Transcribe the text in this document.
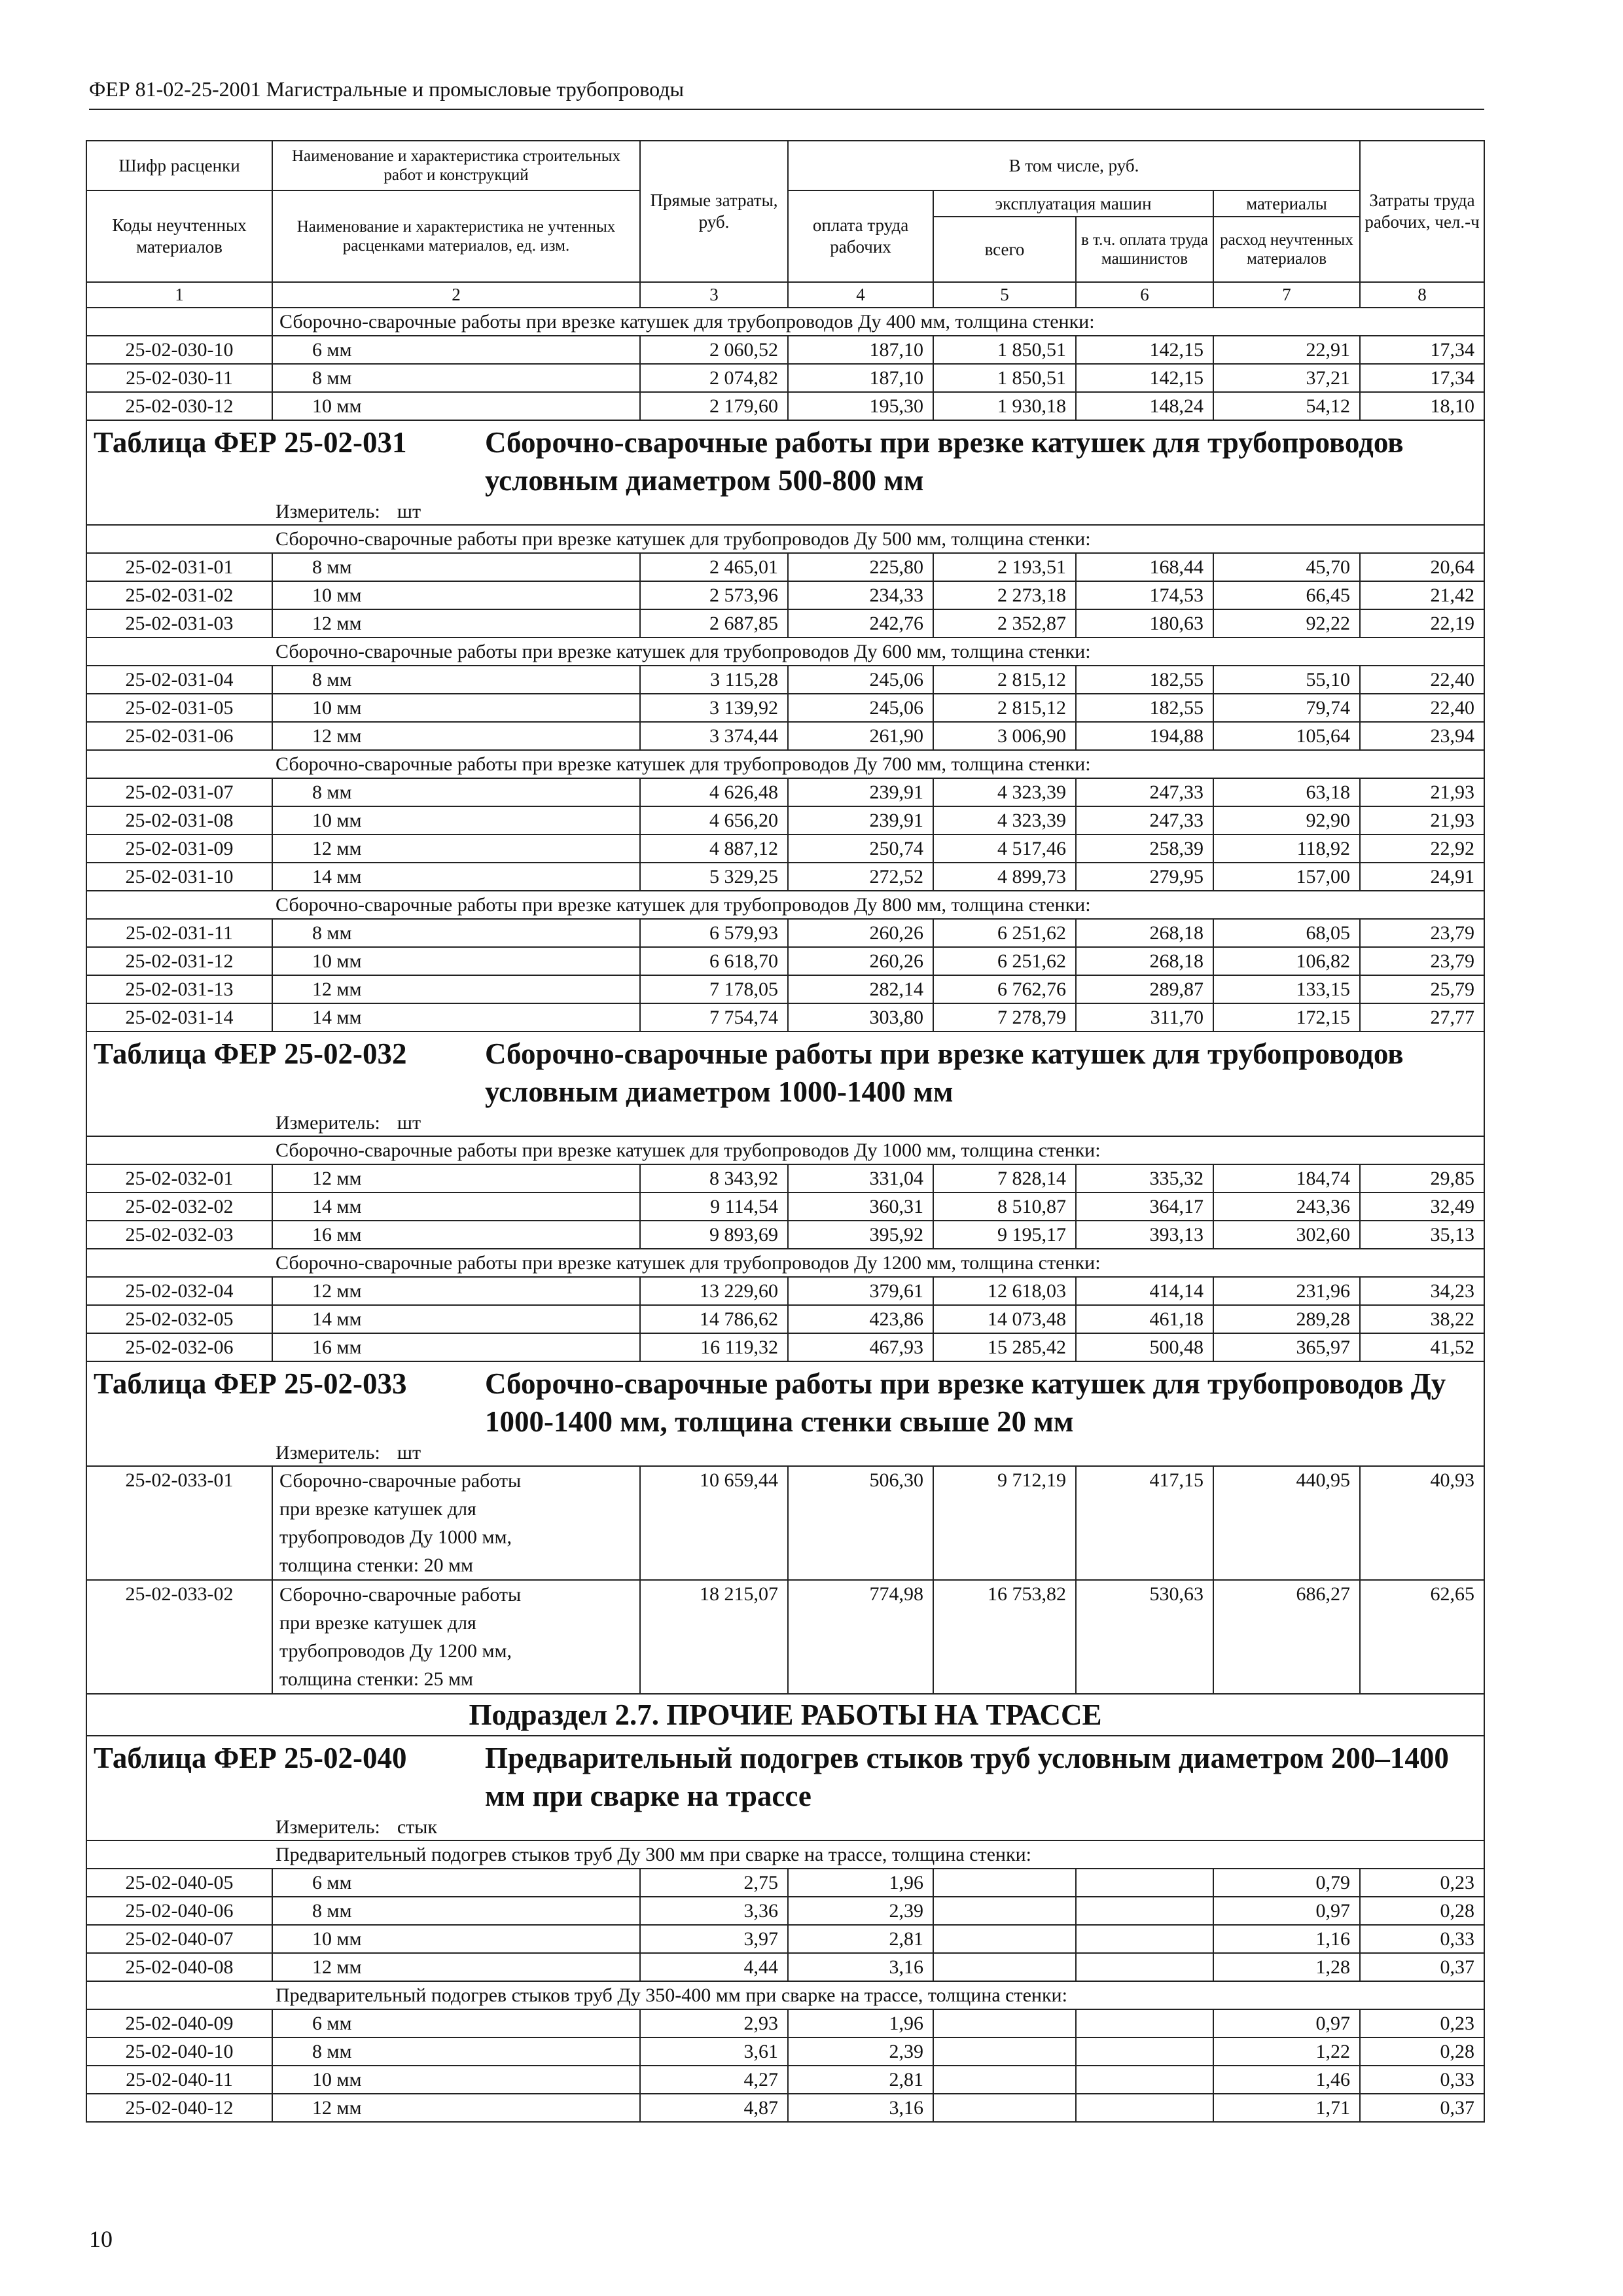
ФЕР 81-02-25-2001 Магистральные и промысловые трубопроводы
Шифр расценки	Наименование и характеристика строительных работ и конструкций	Прямые затраты, руб.	В том числе, руб.				Затраты труда рабочих, чел.-ч
Коды неучтенных материалов	Наименование и характеристика не учтенных расценками материалов, ед. изм.		оплата труда рабочих	эксплуатация машин		материалы	
				всего	в т.ч. оплата труда машинистов	расход неучтенных материалов	
1	2	3	4	5	6	7	8
	Сборочно-сварочные работы при врезке катушек для трубопроводов Ду 400 мм, толщина стенки:						
25-02-030-10	6 мм	2 060,52	187,10	1 850,51	142,15	22,91	17,34
25-02-030-11	8 мм	2 074,82	187,10	1 850,51	142,15	37,21	17,34
25-02-030-12	10 мм	2 179,60	195,30	1 930,18	148,24	54,12	18,10
Таблица ФЕР 25-02-031 Сборочно-сварочные работы при врезке катушек для трубопроводов условным диаметром 500-800 мм							
Измеритель: шт							
Сборочно-сварочные работы при врезке катушек для трубопроводов Ду 500 мм, толщина стенки:							
25-02-031-01	8 мм	2 465,01	225,80	2 193,51	168,44	45,70	20,64
25-02-031-02	10 мм	2 573,96	234,33	2 273,18	174,53	66,45	21,42
25-02-031-03	12 мм	2 687,85	242,76	2 352,87	180,63	92,22	22,19
Сборочно-сварочные работы при врезке катушек для трубопроводов Ду 600 мм, толщина стенки:							
25-02-031-04	8 мм	3 115,28	245,06	2 815,12	182,55	55,10	22,40
25-02-031-05	10 мм	3 139,92	245,06	2 815,12	182,55	79,74	22,40
25-02-031-06	12 мм	3 374,44	261,90	3 006,90	194,88	105,64	23,94
Сборочно-сварочные работы при врезке катушек для трубопроводов Ду 700 мм, толщина стенки:							
25-02-031-07	8 мм	4 626,48	239,91	4 323,39	247,33	63,18	21,93
25-02-031-08	10 мм	4 656,20	239,91	4 323,39	247,33	92,90	21,93
25-02-031-09	12 мм	4 887,12	250,74	4 517,46	258,39	118,92	22,92
25-02-031-10	14 мм	5 329,25	272,52	4 899,73	279,95	157,00	24,91
Сборочно-сварочные работы при врезке катушек для трубопроводов Ду 800 мм, толщина стенки:							
25-02-031-11	8 мм	6 579,93	260,26	6 251,62	268,18	68,05	23,79
25-02-031-12	10 мм	6 618,70	260,26	6 251,62	268,18	106,82	23,79
25-02-031-13	12 мм	7 178,05	282,14	6 762,76	289,87	133,15	25,79
25-02-031-14	14 мм	7 754,74	303,80	7 278,79	311,70	172,15	27,77
Таблица ФЕР 25-02-032 Сборочно-сварочные работы при врезке катушек для трубопроводов условным диаметром 1000-1400 мм							
Измеритель: шт							
Сборочно-сварочные работы при врезке катушек для трубопроводов Ду 1000 мм, толщина стенки:							
25-02-032-01	12 мм	8 343,92	331,04	7 828,14	335,32	184,74	29,85
25-02-032-02	14 мм	9 114,54	360,31	8 510,87	364,17	243,36	32,49
25-02-032-03	16 мм	9 893,69	395,92	9 195,17	393,13	302,60	35,13
Сборочно-сварочные работы при врезке катушек для трубопроводов Ду 1200 мм, толщина стенки:							
25-02-032-04	12 мм	13 229,60	379,61	12 618,03	414,14	231,96	34,23
25-02-032-05	14 мм	14 786,62	423,86	14 073,48	461,18	289,28	38,22
25-02-032-06	16 мм	16 119,32	467,93	15 285,42	500,48	365,97	41,52
Таблица ФЕР 25-02-033 Сборочно-сварочные работы при врезке катушек для трубопроводов Ду 1000-1400 мм, толщина стенки свыше 20 мм							
Измеритель: шт							
25-02-033-01	Сборочно-сварочные работы
при врезке катушек для
трубопроводов Ду 1000 мм,
толщина стенки: 20 мм	10 659,44	506,30	9 712,19	417,15	440,95	40,93
25-02-033-02	Сборочно-сварочные работы
при врезке катушек для
трубопроводов Ду 1200 мм,
толщина стенки: 25 мм	18 215,07	774,98	16 753,82	530,63	686,27	62,65
Подраздел 2.7. ПРОЧИЕ РАБОТЫ НА ТРАССЕ							
Таблица ФЕР 25-02-040 Предварительный подогрев стыков труб условным диаметром 200–1400 мм при сварке на трассе							
Измеритель: стык							
Предварительный подогрев стыков труб Ду 300 мм при сварке на трассе, толщина стенки:							
25-02-040-05	6 мм	2,75	1,96			0,79	0,23
25-02-040-06	8 мм	3,36	2,39			0,97	0,28
25-02-040-07	10 мм	3,97	2,81			1,16	0,33
25-02-040-08	12 мм	4,44	3,16			1,28	0,37
Предварительный подогрев стыков труб Ду 350-400 мм при сварке на трассе, толщина стенки:							
25-02-040-09	6 мм	2,93	1,96			0,97	0,23
25-02-040-10	8 мм	3,61	2,39			1,22	0,28
25-02-040-11	10 мм	4,27	2,81			1,46	0,33
25-02-040-12	12 мм	4,87	3,16			1,71	0,37
10
